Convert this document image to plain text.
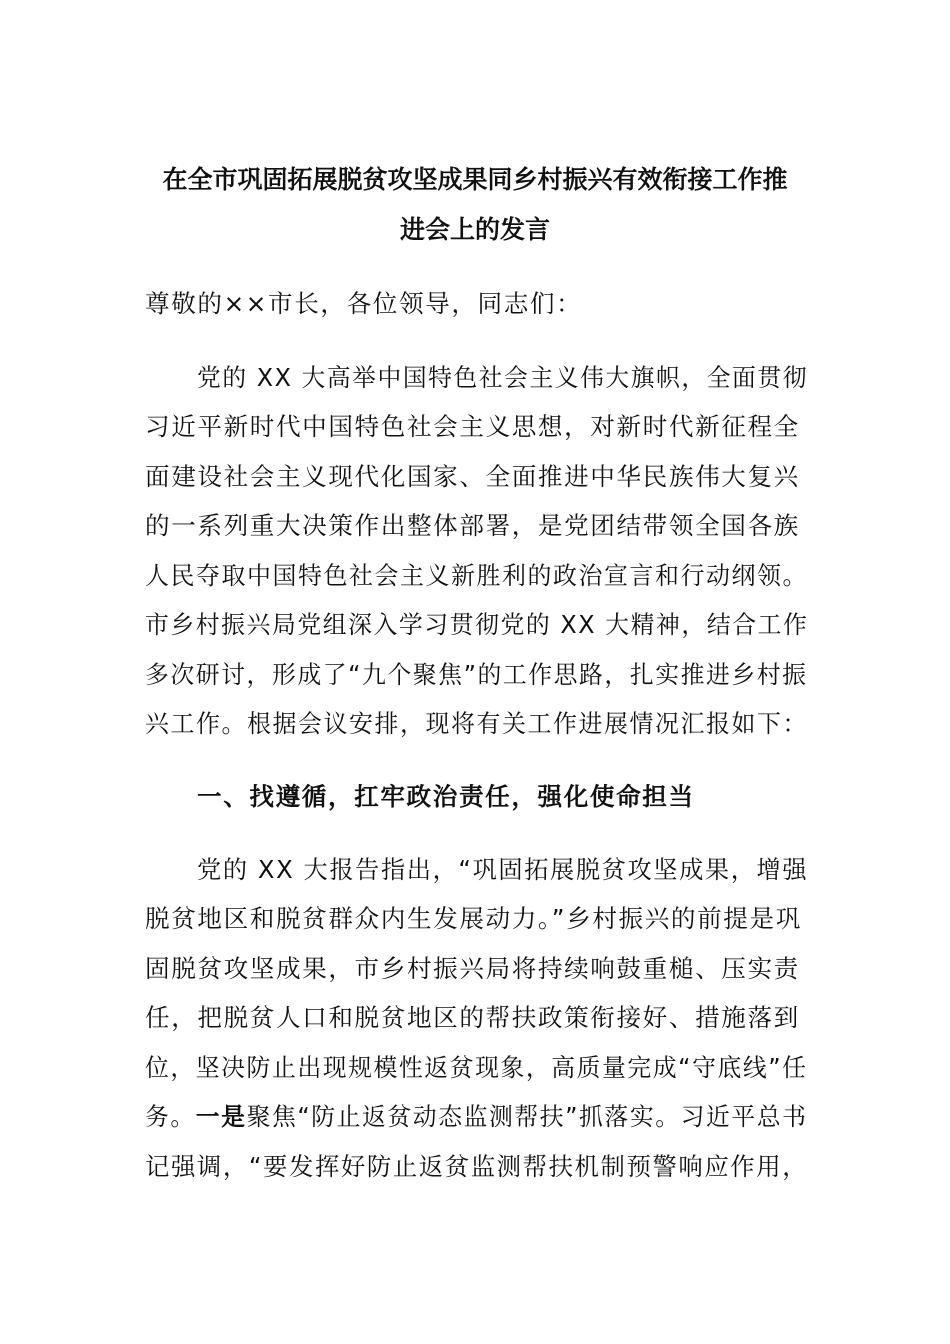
在全市巩固拓展脱贫攻坚成果同乡村振兴有效衔接工作推
进会上的发言
尊敬的××市长，各位领导，同志们：
党的 XX 大高举中国特色社会主义伟大旗帜，全面贯彻
习近平新时代中国特色社会主义思想，对新时代新征程全
面建设社会主义现代化国家、全面推进中华民族伟大复兴
的一系列重大决策作出整体部署，是党团结带领全国各族
人民夺取中国特色社会主义新胜利的政治宣言和行动纲领。
市乡村振兴局党组深入学习贯彻党的 XX 大精神，结合工作
多次研讨，形成了“九个聚焦”的工作思路，扎实推进乡村振
兴工作。根据会议安排，现将有关工作进展情况汇报如下：
一、找遵循，扛牢政治责任，强化使命担当
党的 XX 大报告指出，“巩固拓展脱贫攻坚成果，增强
脱贫地区和脱贫群众内生发展动力。”乡村振兴的前提是巩
固脱贫攻坚成果，市乡村振兴局将持续响鼓重槌、压实责
任，把脱贫人口和脱贫地区的帮扶政策衔接好、措施落到
位，坚决防止出现规模性返贫现象，高质量完成“守底线”任
务。一是聚焦“防止返贫动态监测帮扶”抓落实。习近平总书
记强调，“要发挥好防止返贫监测帮扶机制预警响应作用，
